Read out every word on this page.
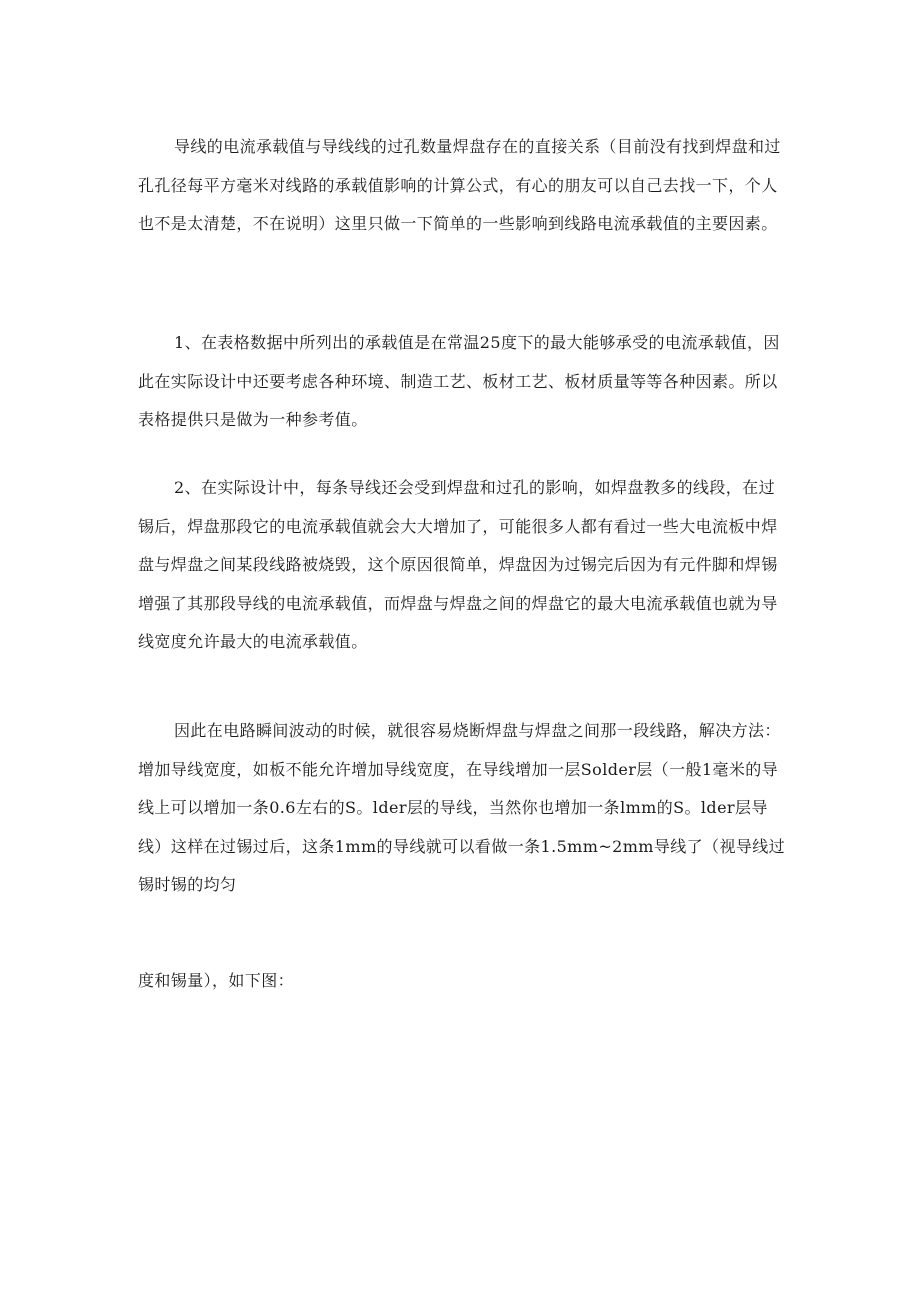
导线的电流承载值与导线线的过孔数量焊盘存在的直接关系（目前没有找到焊盘和过孔孔径每平方毫米对线路的承载值影响的计算公式，有心的朋友可以自己去找一下，个人也不是太清楚，不在说明）这里只做一下简单的一些影响到线路电流承载值的主要因素。

1、在表格数据中所列出的承载值是在常温25度下的最大能够承受的电流承载值，因此在实际设计中还要考虑各种环境、制造工艺、板材工艺、板材质量等等各种因素。所以表格提供只是做为一种参考值。

2、在实际设计中，每条导线还会受到焊盘和过孔的影响，如焊盘教多的线段，在过锡后，焊盘那段它的电流承载值就会大大增加了，可能很多人都有看过一些大电流板中焊盘与焊盘之间某段线路被烧毁，这个原因很简单，焊盘因为过锡完后因为有元件脚和焊锡增强了其那段导线的电流承载值，而焊盘与焊盘之间的焊盘它的最大电流承载值也就为导线宽度允许最大的电流承载值。

因此在电路瞬间波动的时候，就很容易烧断焊盘与焊盘之间那一段线路，解决方法：增加导线宽度，如板不能允许增加导线宽度，在导线增加一层Solder层（一般1毫米的导线上可以增加一条0.6左右的S。lder层的导线，当然你也增加一条lmm的S。lder层导线）这样在过锡过后，这条1mm的导线就可以看做一条1.5mm~2mm导线了（视导线过锡时锡的均匀

度和锡量），如下图：
